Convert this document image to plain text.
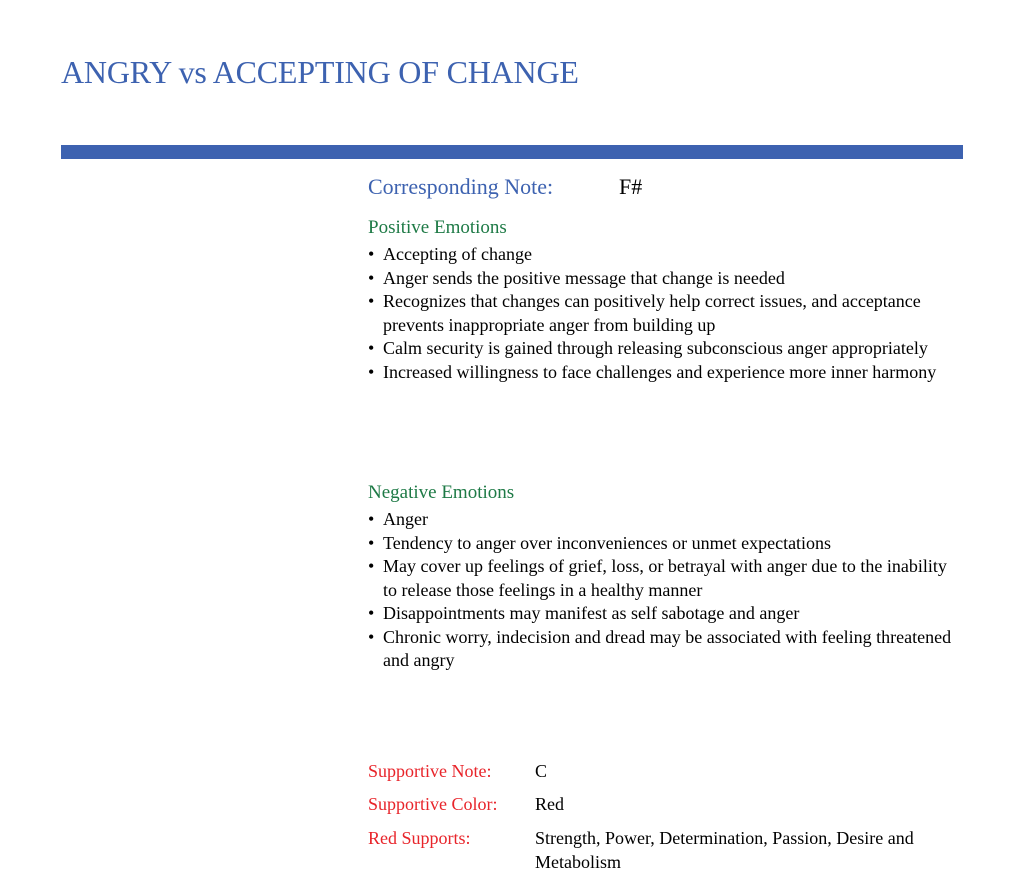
ANGRY vs ACCEPTING OF CHANGE
Corresponding Note:	F#
Positive Emotions
• Accepting of change
• Anger sends the positive message that change is needed
• Recognizes that changes can positively help correct issues, and acceptance prevents inappropriate anger from building up
• Calm security is gained through releasing subconscious anger appropriately
• Increased willingness to face challenges and experience more inner harmony
Negative Emotions
• Anger
• Tendency to anger over inconveniences or unmet expectations
• May cover up feelings of grief, loss, or betrayal with anger due to the inability to release those feelings in a healthy manner
• Disappointments may manifest as self sabotage and anger
• Chronic worry, indecision and dread may be associated with feeling threatened and angry
Supportive Note: C
Supportive Color: Red
Red Supports:	Strength, Power, Determination, Passion, Desire and Metabolism
